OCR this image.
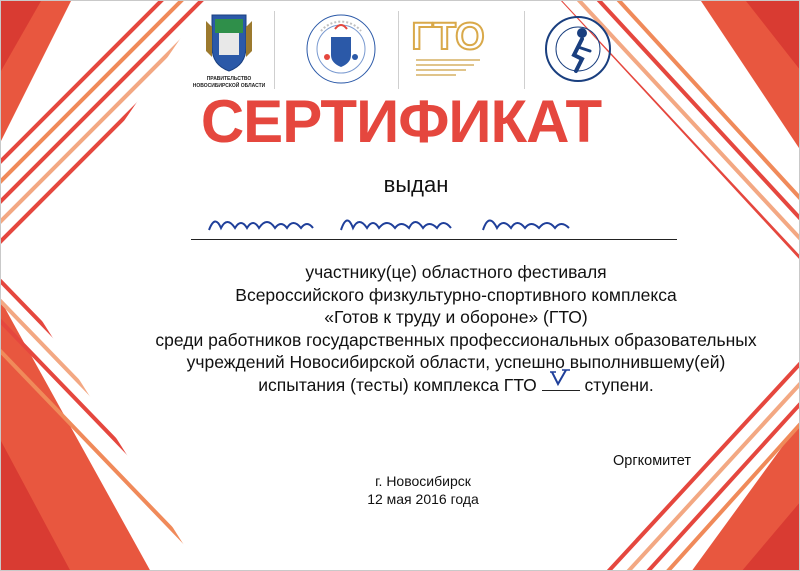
ПРАВИТЕЛЬСТВО
НОВОСИБИРСКОЙ ОБЛАСТИ
ГТО
СЕРТИФИКАТ
выдан
участнику(це) областного фестиваля
Всероссийского физкультурно-спортивного комплекса
«Готов к труду и обороне» (ГТО)
среди работников государственных профессиональных образовательных
учреждений Новосибирской области, успешно выполнившему(ей)
испытания (тесты) комплекса ГТО
ступени.
Оргкомитет
г. Новосибирск
12 мая 2016 года
